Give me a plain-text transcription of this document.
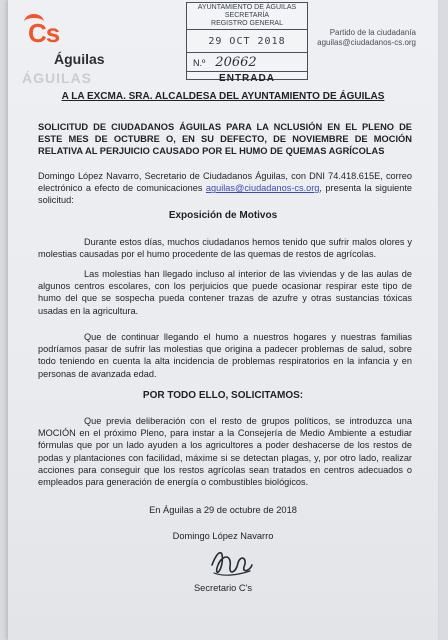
Cs
Águilas
ÁGUILAS
AYUNTAMIENTO DE ÁGUILAS
SECRETARÍA
REGISTRO GENERAL
29 OCT 2018
N.º 20662
ENTRADA
Partido de la ciudadanía
aguilas@ciudadanos-cs.org
A LA EXCMA. SRA. ALCALDESA DEL AYUNTAMIENTO DE ÁGUILAS
SOLICITUD DE CIUDADANOS ÁGUILAS PARA LA NCLUSIÓN EN EL PLENO DE ESTE MES DE OCTUBRE O, EN SU DEFECTO, DE NOVIEMBRE DE MOCIÓN RELATIVA AL PERJUICIO CAUSADO POR EL HUMO DE QUEMAS AGRÍCOLAS
Domingo López Navarro, Secretario de Ciudadanos Águilas, con DNI 74.418.615E, correo electrónico a efecto de comunicaciones aguilas@ciudadanos-cs.org, presenta la siguiente solicitud:
Exposición de Motivos
Durante estos días, muchos ciudadanos hemos tenido que sufrir malos olores y molestias causadas por el humo procedente de las quemas de restos de agrícolas.
Las molestias han llegado incluso al interior de las viviendas y de las aulas de algunos centros escolares, con los perjuicios que puede ocasionar respirar este tipo de humo del que se sospecha pueda contener trazas de azufre y otras sustancias tóxicas usadas en la agricultura.
Que de continuar llegando el humo a nuestros hogares y nuestras familias podríamos pasar de sufrir las molestias que origina a padecer problemas de salud, sobre todo teniendo en cuenta la alta incidencia de problemas respiratorios en la infancia y en personas de avanzada edad.
POR TODO ELLO, SOLICITAMOS:
Que previa deliberación con el resto de grupos políticos, se introduzca una MOCIÓN en el próximo Pleno, para instar a la Consejería de Medio Ambiente a estudiar fórmulas que por un lado ayuden a los agricultores a poder deshacerse de los restos de podas y plantaciones con facilidad, máxime si se detectan plagas, y, por otro lado, realizar acciones para conseguir que los restos agrícolas sean tratados en centros adecuados o empleados para generación de energía o combustibles biológicos.
En Águilas a 29 de octubre de 2018
Domingo López Navarro
Secretario C's
